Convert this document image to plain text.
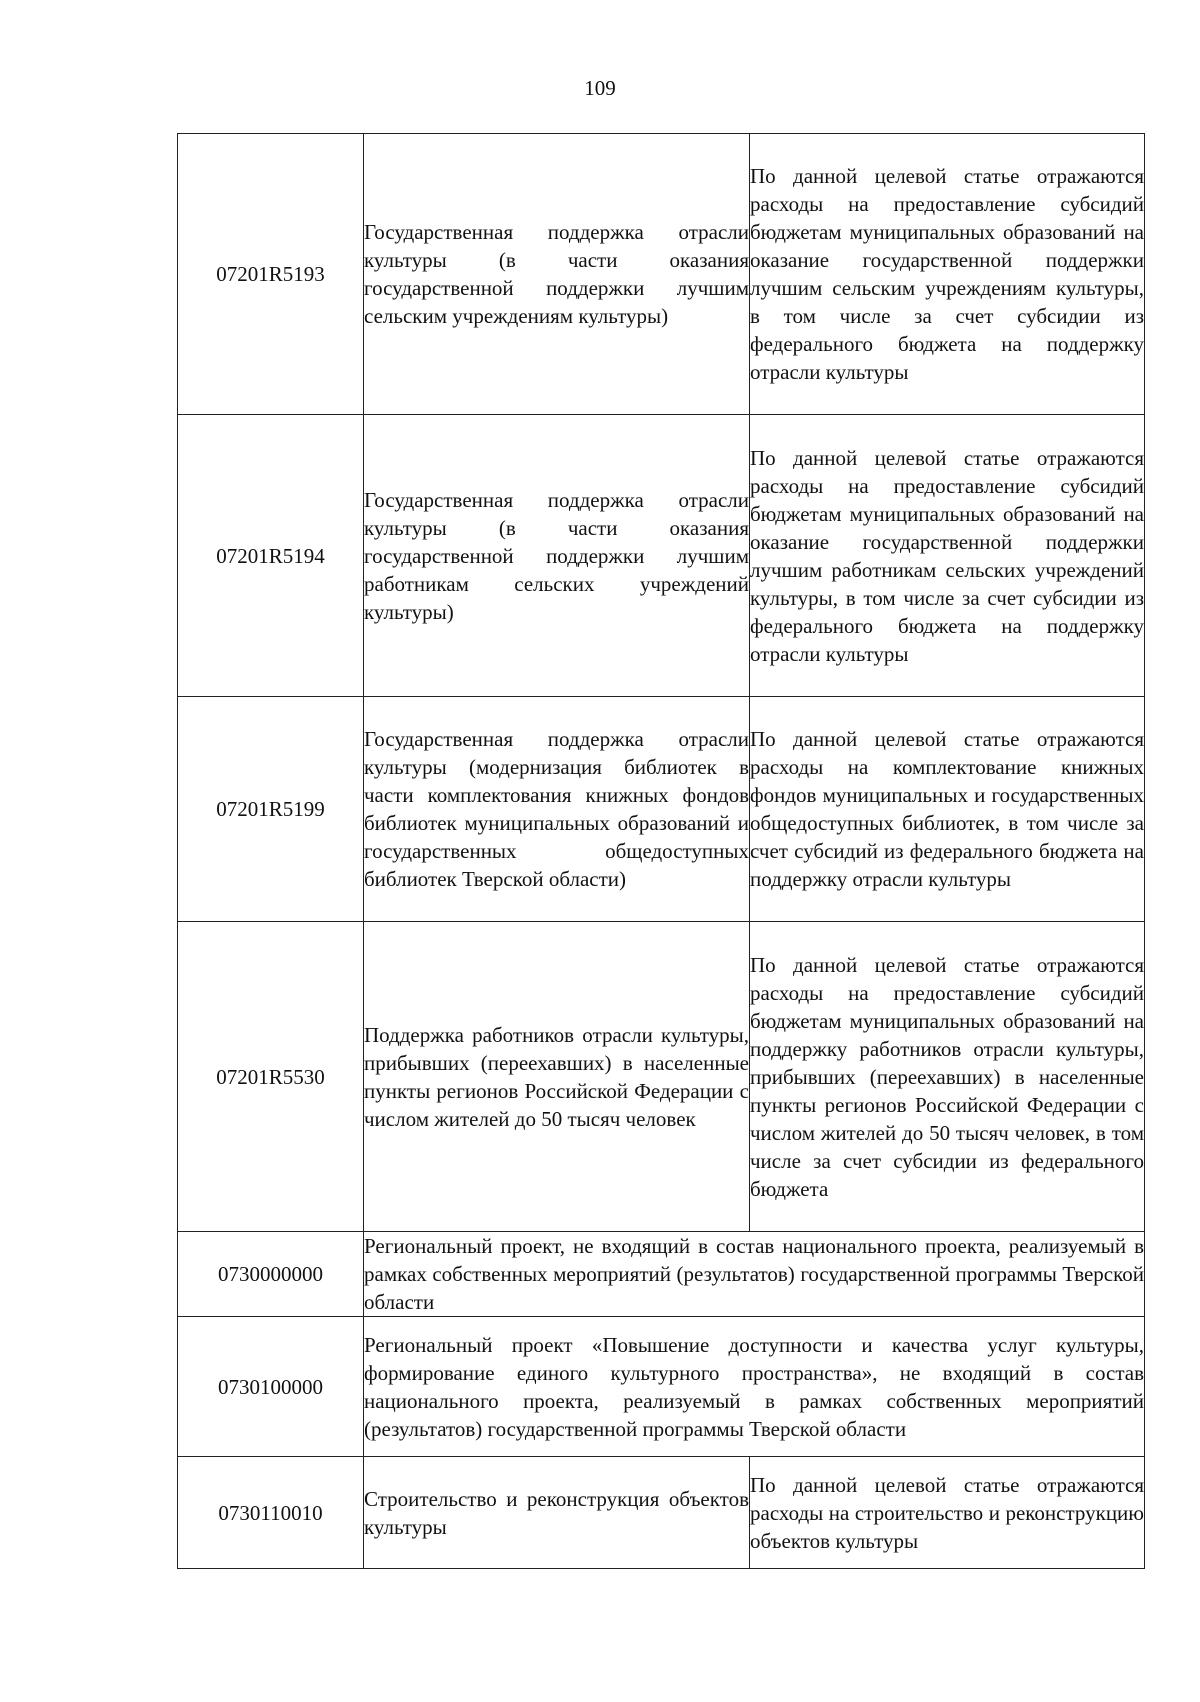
109
07201R5193	Государственная поддержка отрасли культуры (в части оказания государственной поддержки лучшим сельским учреждениям культуры)	По данной целевой статье отражаются расходы на предоставление субсидий бюджетам муниципальных образований на оказание государственной поддержки лучшим сельским учреждениям культуры, в том числе за счет субсидии из федерального бюджета на поддержку отрасли культуры
07201R5194	Государственная поддержка отрасли культуры (в части оказания государственной поддержки лучшим работникам сельских учреждений культуры)	По данной целевой статье отражаются расходы на предоставление субсидий бюджетам муниципальных образований на оказание государственной поддержки лучшим работникам сельских учреждений культуры, в том числе за счет субсидии из федерального бюджета на поддержку отрасли культуры
07201R5199	Государственная поддержка отрасли культуры (модернизация библиотек в части комплектования книжных фондов библиотек муниципальных образований и государственных общедоступных библиотек Тверской области)	По данной целевой статье отражаются расходы на комплектование книжных фондов муниципальных и государственных общедоступных библиотек, в том числе за счет субсидий из федерального бюджета на поддержку отрасли культуры
07201R5530	Поддержка работников отрасли культуры, прибывших (переехавших) в населенные пункты регионов Российской Федерации с числом жителей до 50 тысяч человек	По данной целевой статье отражаются расходы на предоставление субсидий бюджетам муниципальных образований на поддержку работников отрасли культуры, прибывших (переехавших) в населенные пункты регионов Российской Федерации с числом жителей до 50 тысяч человек, в том числе за счет субсидии из федерального бюджета
0730000000	Региональный проект, не входящий в состав национального проекта, реализуемый в рамках собственных мероприятий (результатов) государственной программы Тверской области	
0730100000	Региональный проект «Повышение доступности и качества услуг культуры, формирование единого культурного пространства», не входящий в состав национального проекта, реализуемый в рамках собственных мероприятий (результатов) государственной программы Тверской области	
0730110010	Строительство и реконструкция объектов культуры	По данной целевой статье отражаются расходы на строительство и реконструкцию объектов культуры
